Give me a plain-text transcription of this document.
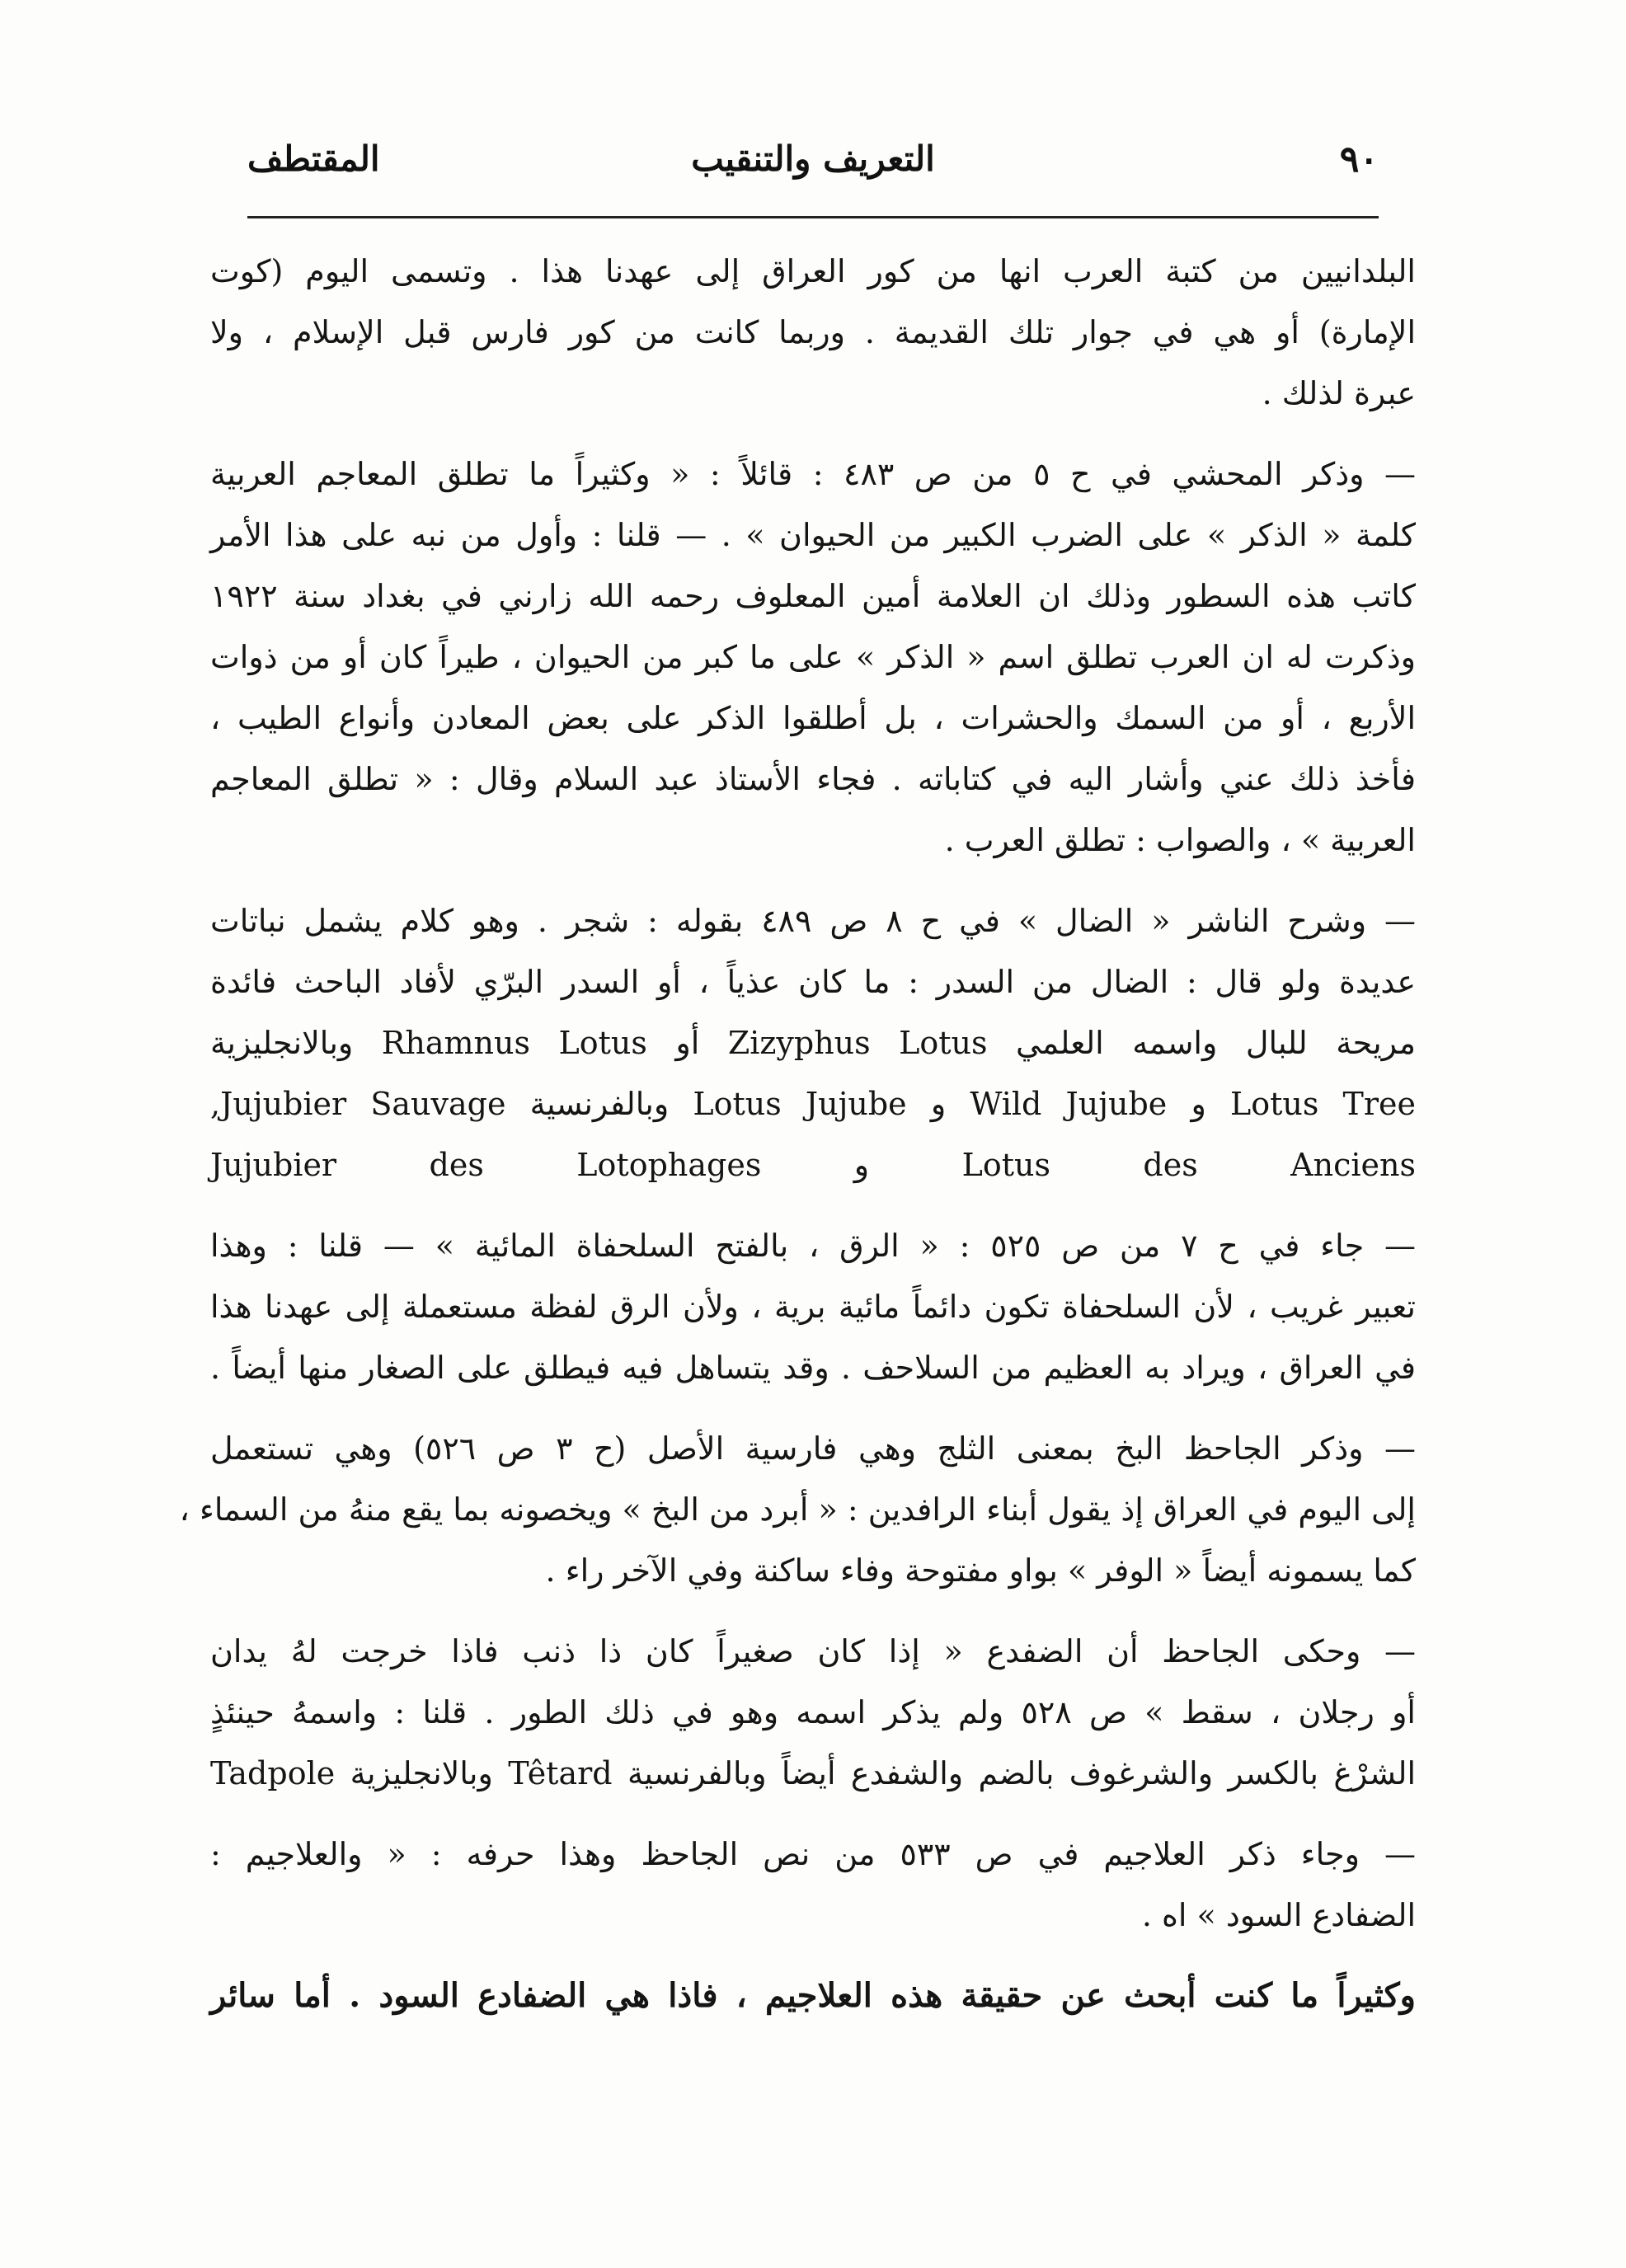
٩٠
التعريف والتنقيب
المقتطف
البلدانيين من كتبة العرب انها من كور العراق إلى عهدنا هذا . وتسمى اليوم (كوت
الإمارة) أو هي في جوار تلك القديمة . وربما كانت من كور فارس قبل الإسلام ، ولا
عبرة لذلك .
— وذكر المحشي في ح ٥ من ص ٤٨٣ : قائلاً : « وكثيراً ما تطلق المعاجم العربية
كلمة « الذكر » على الضرب الكبير من الحيوان » . — قلنا : وأول من نبه على هذا الأمر
كاتب هذه السطور وذلك ان العلامة أمين المعلوف رحمه الله زارني في بغداد سنة ١٩٢٢
وذكرت له ان العرب تطلق اسم « الذكر » على ما كبر من الحيوان ، طيراً كان أو من ذوات
الأربع ، أو من السمك والحشرات ، بل أطلقوا الذكر على بعض المعادن وأنواع الطيب ،
فأخذ ذلك عني وأشار اليه في كتاباته . فجاء الأستاذ عبد السلام وقال : « تطلق المعاجم
العربية » ، والصواب : تطلق العرب .
— وشرح الناشر « الضال » في ح ٨ ص ٤٨٩ بقوله : شجر . وهو كلام يشمل نباتات
عديدة ولو قال : الضال من السدر : ما كان عذياً ، أو السدر البرّي لأفاد الباحث فائدة
مريحة للبال واسمه العلمي Zizyphus Lotus أو Rhamnus Lotus وبالانجليزية
Lotus Tree و Wild Jujube و Lotus Jujube وبالفرنسية Jujubier Sauvage,
Lotus des Anciens و Jujubier des Lotophages
— جاء في ح ٧ من ص ٥٢٥ : « الرق ، بالفتح السلحفاة المائية » — قلنا : وهذا
تعبير غريب ، لأن السلحفاة تكون دائماً مائية برية ، ولأن الرق لفظة مستعملة إلى عهدنا هذا
في العراق ، ويراد به العظيم من السلاحف . وقد يتساهل فيه فيطلق على الصغار منها أيضاً .
— وذكر الجاحظ البخ بمعنى الثلج وهي فارسية الأصل (ح ٣ ص ٥٢٦) وهي تستعمل
إلى اليوم في العراق إذ يقول أبناء الرافدين : « أبرد من البخ » ويخصونه بما يقع منهُ من السماء ،
كما يسمونه أيضاً « الوفر » بواو مفتوحة وفاء ساكنة وفي الآخر راء .
— وحكى الجاحظ أن الضفدع « إذا كان صغيراً كان ذا ذنب فاذا خرجت لهُ يدان
أو رجلان ، سقط » ص ٥٢٨ ولم يذكر اسمه وهو في ذلك الطور . قلنا : واسمهُ حينئذٍ
الشرْغ بالكسر والشرغوف بالضم والشفدع أيضاً وبالفرنسية Têtard وبالانجليزية Tadpole
— وجاء ذكر العلاجيم في ص ٥٣٣ من نص الجاحظ وهذا حرفه : « والعلاجيم :
الضفادع السود » اه .
وكثيراً ما كنت أبحث عن حقيقة هذه العلاجيم ، فاذا هي الضفادع السود . أما سائر
